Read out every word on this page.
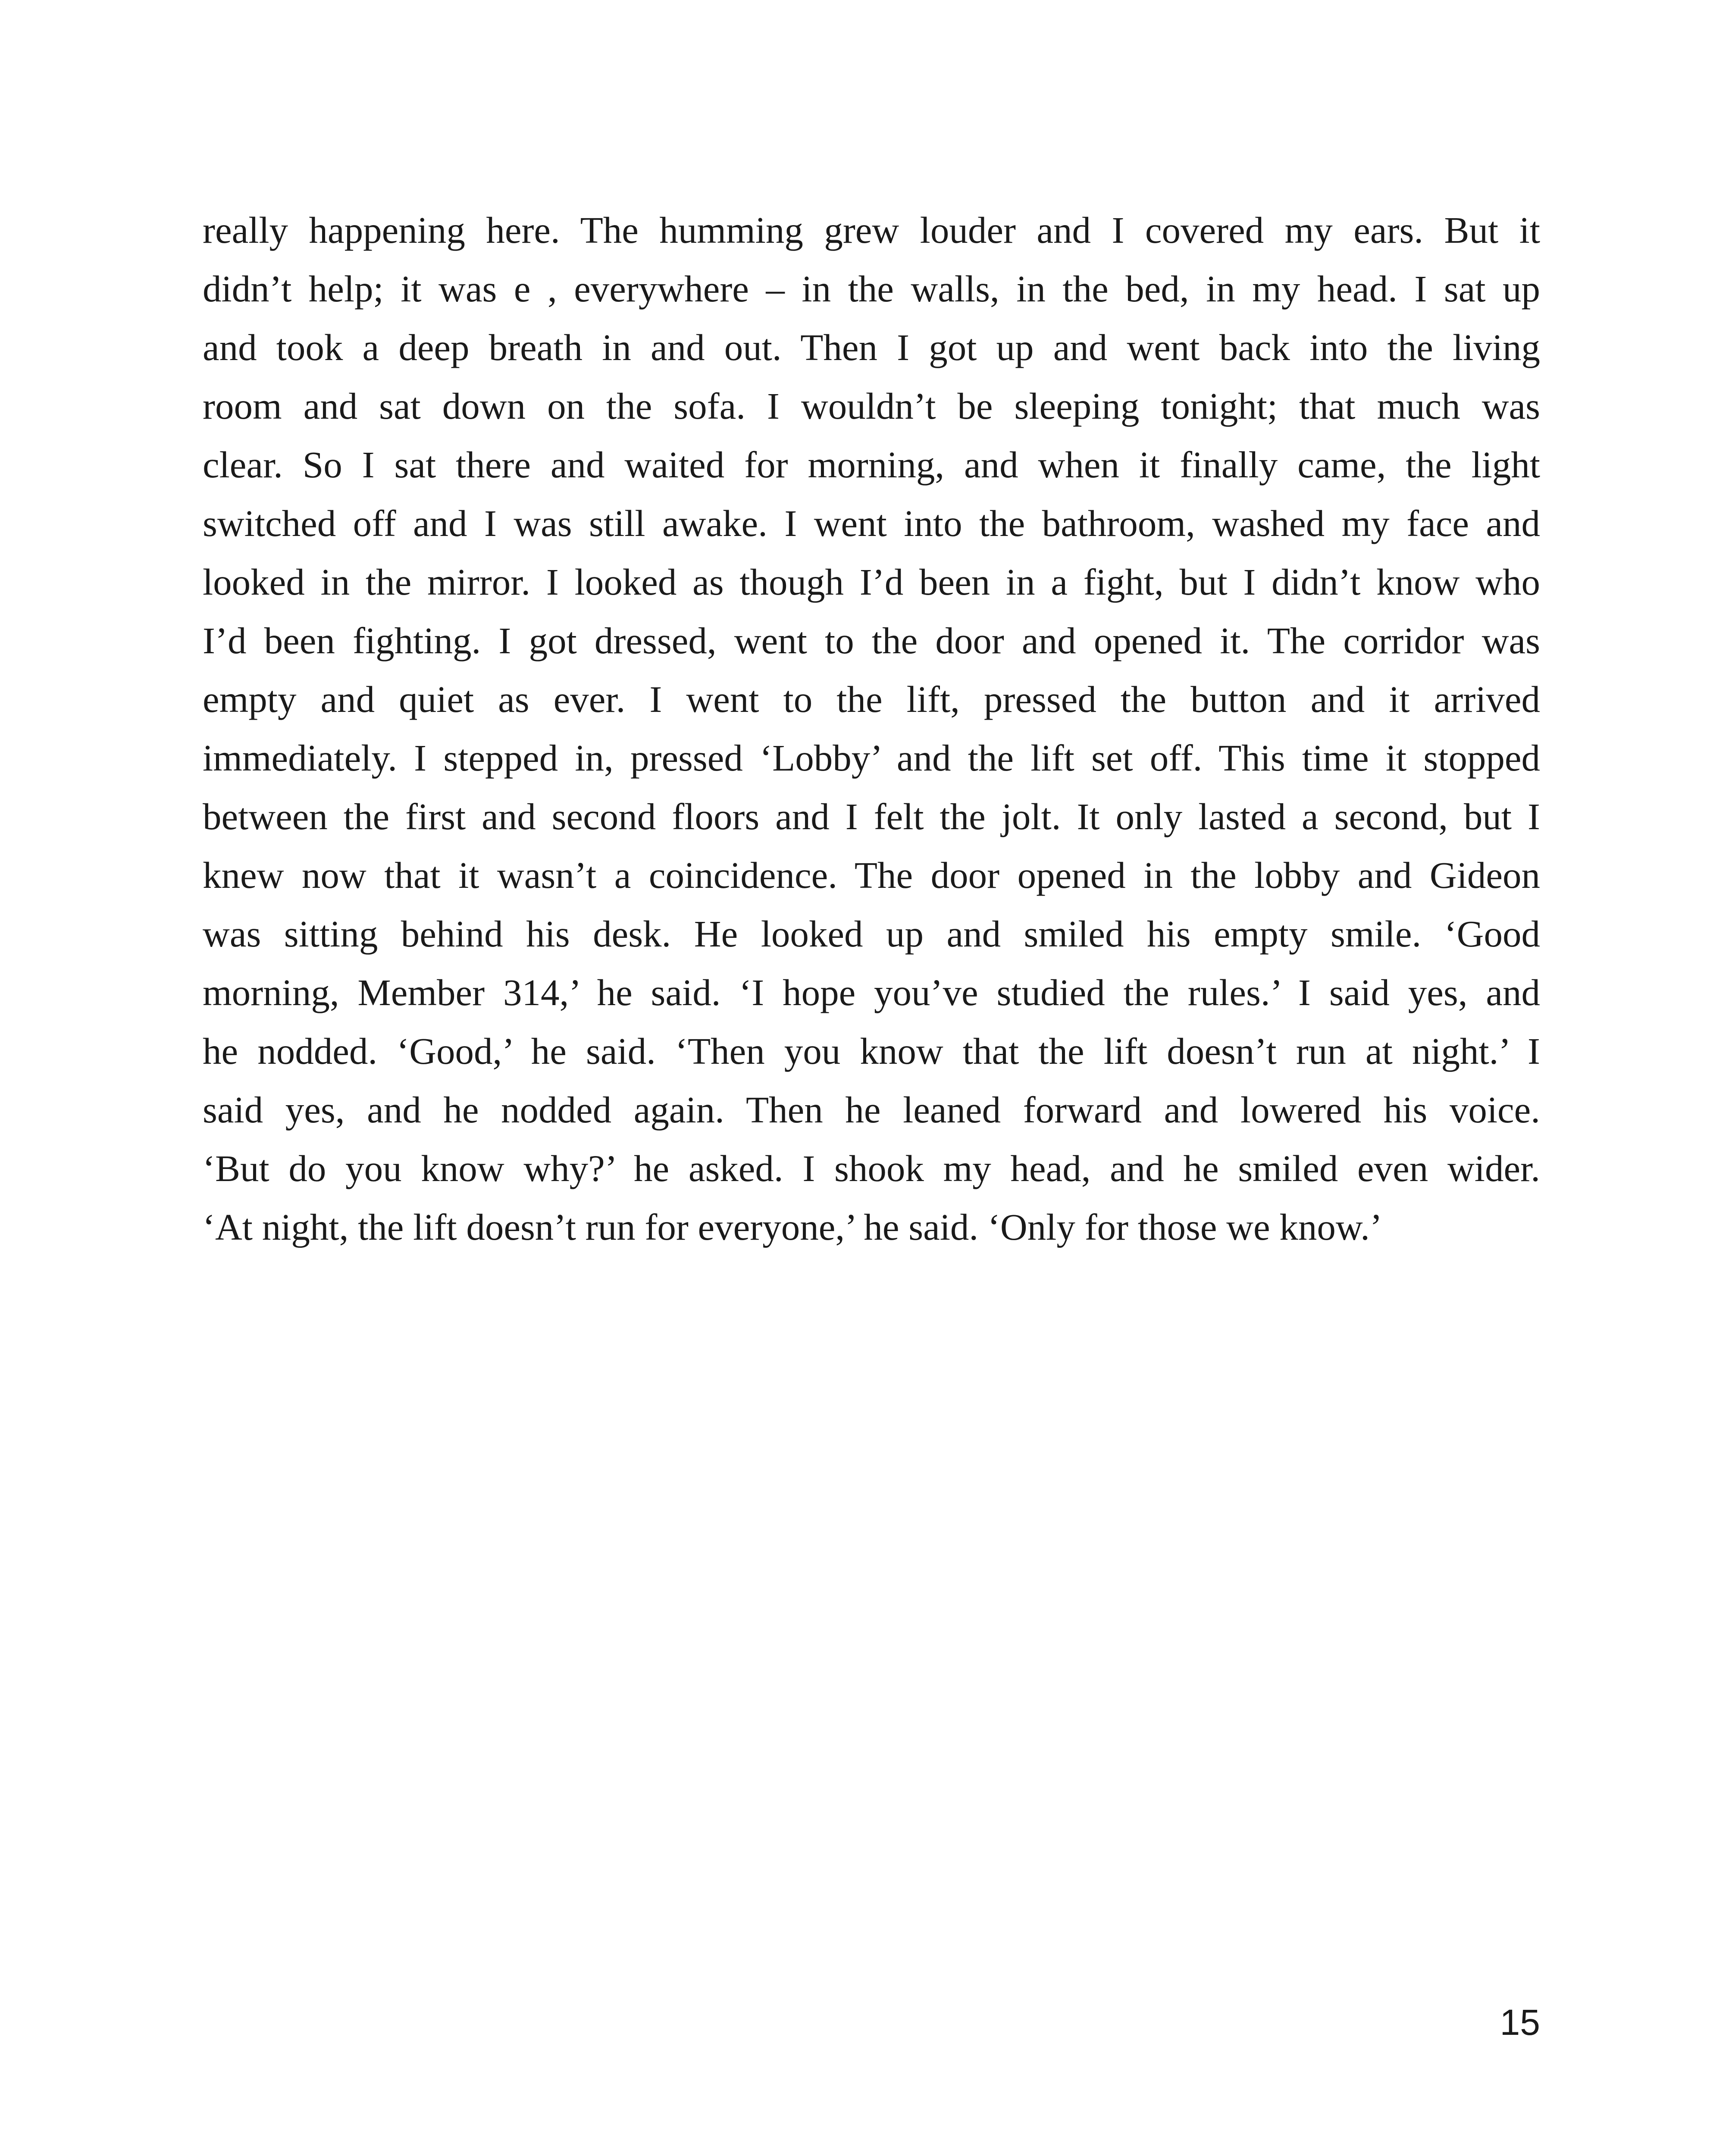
really happening here. The humming grew louder and I covered my ears. But it
didn’t help; it was e , everywhere – in the walls, in the bed, in my head. I sat up
and took a deep breath in and out. Then I got up and went back into the living
room and sat down on the sofa. I wouldn’t be sleeping tonight; that much was
clear. So I sat there and waited for morning, and when it finally came, the light
switched off and I was still awake. I went into the bathroom, washed my face and
looked in the mirror. I looked as though I’d been in a fight, but I didn’t know who
I’d been fighting. I got dressed, went to the door and opened it. The corridor was
empty and quiet as ever. I went to the lift, pressed the button and it arrived
immediately. I stepped in, pressed ‘Lobby’ and the lift set off. This time it stopped
between the first and second floors and I felt the jolt. It only lasted a second, but I
knew now that it wasn’t a coincidence. The door opened in the lobby and Gideon
was sitting behind his desk. He looked up and smiled his empty smile. ‘Good
morning, Member 314,’ he said. ‘I hope you’ve studied the rules.’ I said yes, and
he nodded. ‘Good,’ he said. ‘Then you know that the lift doesn’t run at night.’ I
said yes, and he nodded again. Then he leaned forward and lowered his voice.
‘But do you know why?’ he asked. I shook my head, and he smiled even wider.
‘At night, the lift doesn’t run for everyone,’ he said. ‘Only for those we know.’
15
